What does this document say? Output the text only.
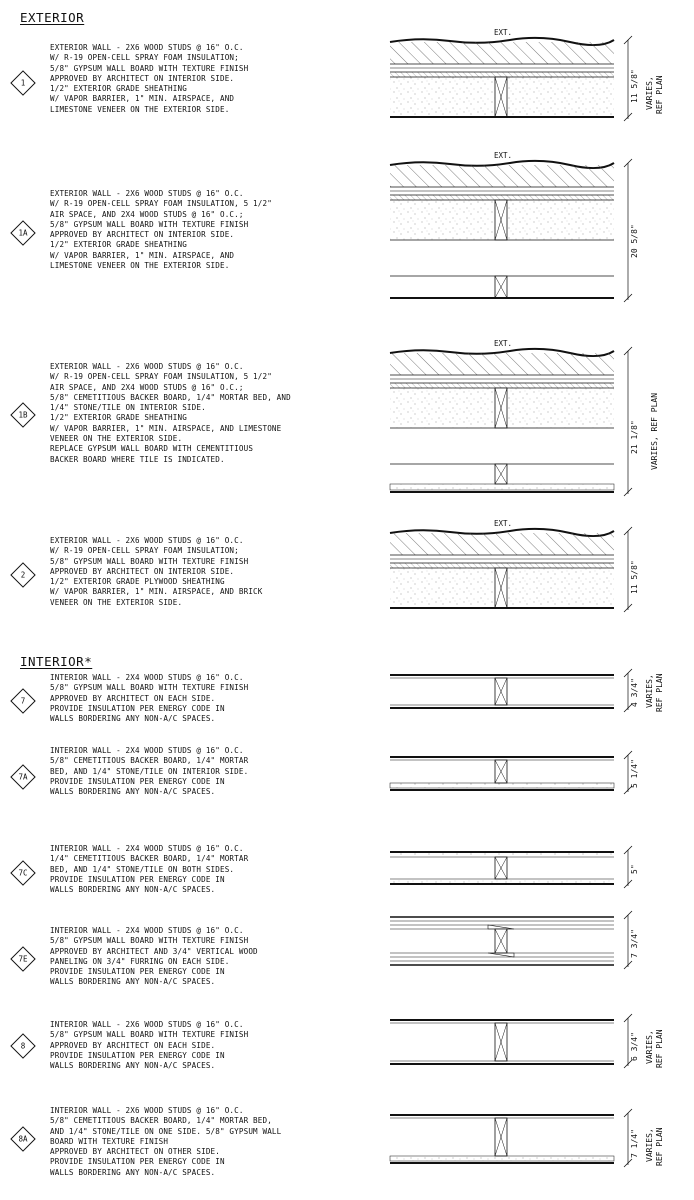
EXTERIOR
INTERIOR*
1
1A
1B
2
7
7A
7C
7E
8
8A
EXTERIOR WALL - 2X6 WOOD STUDS @ 16" O.C.
W/ R-19 OPEN-CELL SPRAY FOAM INSULATION;
5/8" GYPSUM WALL BOARD WITH TEXTURE FINISH
APPROVED BY ARCHITECT ON INTERIOR SIDE.
1/2" EXTERIOR GRADE SHEATHING
W/ VAPOR BARRIER, 1" MIN. AIRSPACE, AND
LIMESTONE VENEER ON THE EXTERIOR SIDE.
EXTERIOR WALL - 2X6 WOOD STUDS @ 16" O.C.
W/ R-19 OPEN-CELL SPRAY FOAM INSULATION, 5 1/2"
AIR SPACE, AND 2X4 WOOD STUDS @ 16" O.C.;
5/8" GYPSUM WALL BOARD WITH TEXTURE FINISH
APPROVED BY ARCHITECT ON INTERIOR SIDE.
1/2" EXTERIOR GRADE SHEATHING
W/ VAPOR BARRIER, 1" MIN. AIRSPACE, AND
LIMESTONE VENEER ON THE EXTERIOR SIDE.
EXTERIOR WALL - 2X6 WOOD STUDS @ 16" O.C.
W/ R-19 OPEN-CELL SPRAY FOAM INSULATION, 5 1/2"
AIR SPACE, AND 2X4 WOOD STUDS @ 16" O.C.;
5/8" CEMETITIOUS BACKER BOARD, 1/4" MORTAR BED, AND
1/4" STONE/TILE ON INTERIOR SIDE.
1/2" EXTERIOR GRADE SHEATHING
W/ VAPOR BARRIER, 1" MIN. AIRSPACE, AND LIMESTONE
VENEER ON THE EXTERIOR SIDE.
REPLACE GYPSUM WALL BOARD WITH CEMENTITIOUS
BACKER BOARD WHERE TILE IS INDICATED.
EXTERIOR WALL - 2X6 WOOD STUDS @ 16" O.C.
W/ R-19 OPEN-CELL SPRAY FOAM INSULATION;
5/8" GYPSUM WALL BOARD WITH TEXTURE FINISH
APPROVED BY ARCHITECT ON INTERIOR SIDE.
1/2" EXTERIOR GRADE PLYWOOD SHEATHING
W/ VAPOR BARRIER, 1" MIN. AIRSPACE, AND BRICK
VENEER ON THE EXTERIOR SIDE.
INTERIOR WALL - 2X4 WOOD STUDS @ 16" O.C.
5/8" GYPSUM WALL BOARD WITH TEXTURE FINISH
APPROVED BY ARCHITECT ON EACH SIDE.
PROVIDE INSULATION PER ENERGY CODE IN
WALLS BORDERING ANY NON-A/C SPACES.
INTERIOR WALL - 2X4 WOOD STUDS @ 16" O.C.
5/8" CEMETITIOUS BACKER BOARD, 1/4" MORTAR
BED, AND 1/4" STONE/TILE ON INTERIOR SIDE.
PROVIDE INSULATION PER ENERGY CODE IN
WALLS BORDERING ANY NON-A/C SPACES.
INTERIOR WALL - 2X4 WOOD STUDS @ 16" O.C.
1/4" CEMETITIOUS BACKER BOARD, 1/4" MORTAR
BED, AND 1/4" STONE/TILE ON BOTH SIDES.
PROVIDE INSULATION PER ENERGY CODE IN
WALLS BORDERING ANY NON-A/C SPACES.
INTERIOR WALL - 2X4 WOOD STUDS @ 16" O.C.
5/8" GYPSUM WALL BOARD WITH TEXTURE FINISH
APPROVED BY ARCHITECT AND 3/4" VERTICAL WOOD
PANELING ON 3/4" FURRING ON EACH SIDE.
PROVIDE INSULATION PER ENERGY CODE IN
WALLS BORDERING ANY NON-A/C SPACES.
INTERIOR WALL - 2X6 WOOD STUDS @ 16" O.C.
5/8" GYPSUM WALL BOARD WITH TEXTURE FINISH
APPROVED BY ARCHITECT ON EACH SIDE.
PROVIDE INSULATION PER ENERGY CODE IN
WALLS BORDERING ANY NON-A/C SPACES.
INTERIOR WALL - 2X6 WOOD STUDS @ 16" O.C.
5/8" CEMETITIOUS BACKER BOARD, 1/4" MORTAR BED,
AND 1/4" STONE/TILE ON ONE SIDE. 5/8" GYPSUM WALL
BOARD WITH TEXTURE FINISH
APPROVED BY ARCHITECT ON OTHER SIDE.
PROVIDE INSULATION PER ENERGY CODE IN
WALLS BORDERING ANY NON-A/C SPACES.
EXT.
11 5/8" VARIES, REF PLAN
EXT.
20 5/8"
EXT.
21 1/8" VARIES, REF PLAN
EXT.
11 5/8"
4 3/4" VARIES, REF PLAN
5 1/4"
5"
7 3/4"
6 3/4" VARIES, REF PLAN
7 1/4" VARIES, REF PLAN
